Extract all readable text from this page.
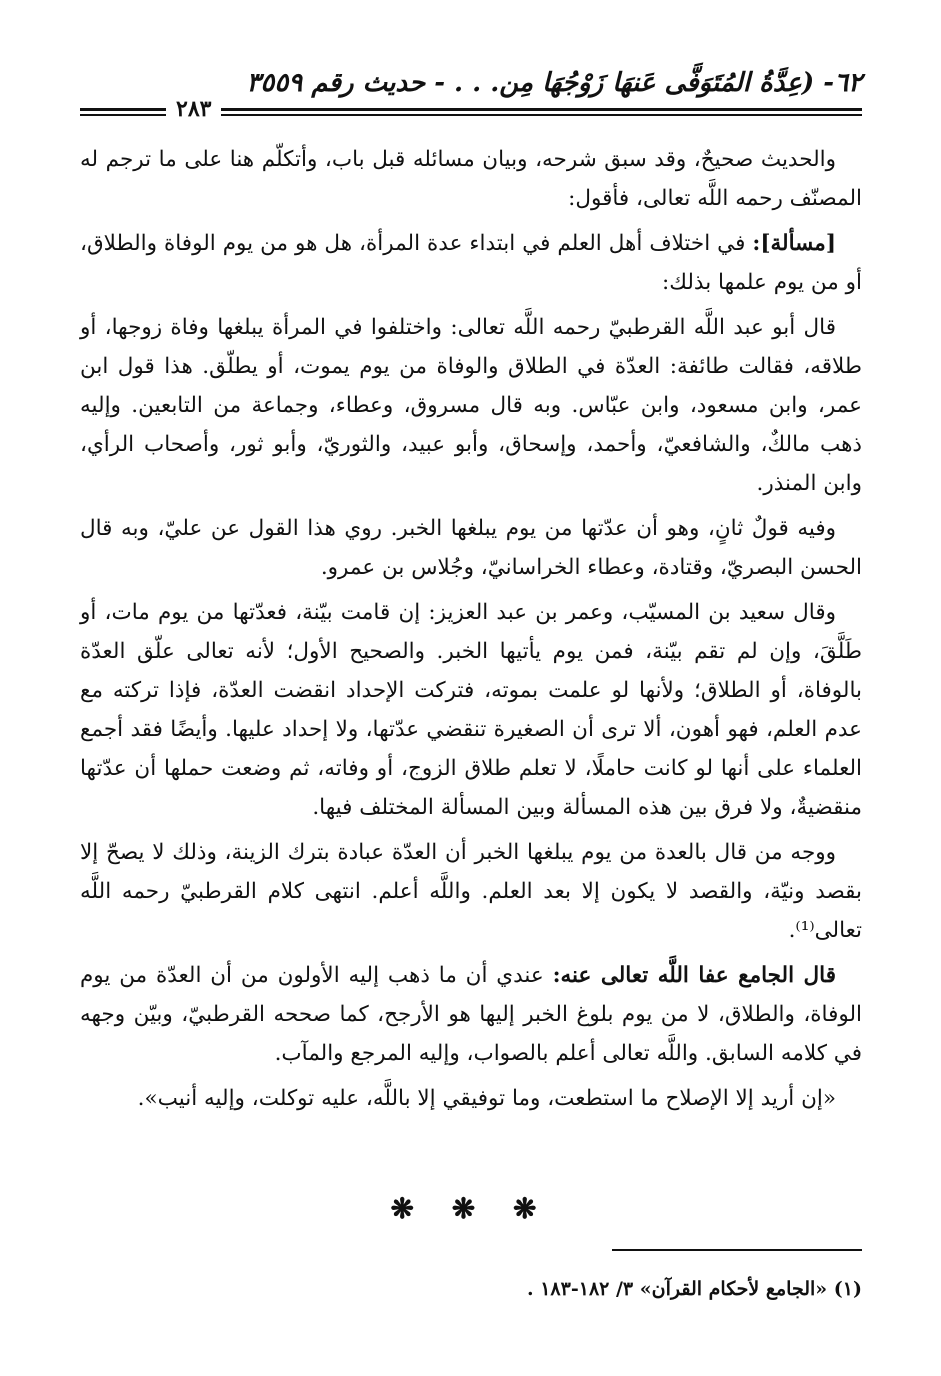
٦٢- (عِدَّةُ المُتَوَفَّى عَنهَا زَوْجُهَا مِن. . . - حديث رقم ٣٥٥٩
٢٨٣

والحديث صحيحٌ، وقد سبق شرحه، وبيان مسائله قبل باب، وأتكلّم هنا على ما ترجم له المصنّف رحمه اللَّه تعالى، فأقول:

[مسألة]: في اختلاف أهل العلم في ابتداء عدة المرأة، هل هو من يوم الوفاة والطلاق، أو من يوم علمها بذلك:

قال أبو عبد اللَّه القرطبيّ رحمه اللَّه تعالى: واختلفوا في المرأة يبلغها وفاة زوجها، أو طلاقه، فقالت طائفة: العدّة في الطلاق والوفاة من يوم يموت، أو يطلّق. هذا قول ابن عمر، وابن مسعود، وابن عبّاس. وبه قال مسروق، وعطاء، وجماعة من التابعين. وإليه ذهب مالكٌ، والشافعيّ، وأحمد، وإسحاق، وأبو عبيد، والثوريّ، وأبو ثور، وأصحاب الرأي، وابن المنذر.

وفيه قولٌ ثانٍ، وهو أن عدّتها من يوم يبلغها الخبر. روي هذا القول عن عليّ، وبه قال الحسن البصريّ، وقتادة، وعطاء الخراسانيّ، وجُلاس بن عمرو.

وقال سعيد بن المسيّب، وعمر بن عبد العزيز: إن قامت بيّنة، فعدّتها من يوم مات، أو طَلَّقَ، وإن لم تقم بيّنة، فمن يوم يأتيها الخبر. والصحيح الأول؛ لأنه تعالى علّق العدّة بالوفاة، أو الطلاق؛ ولأنها لو علمت بموته، فتركت الإحداد انقضت العدّة، فإذا تركته مع عدم العلم، فهو أهون، ألا ترى أن الصغيرة تنقضي عدّتها، ولا إحداد عليها. وأيضًا فقد أجمع العلماء على أنها لو كانت حاملًا، لا تعلم طلاق الزوج، أو وفاته، ثم وضعت حملها أن عدّتها منقضيةٌ، ولا فرق بين هذه المسألة وبين المسألة المختلف فيها.

ووجه من قال بالعدة من يوم يبلغها الخبر أن العدّة عبادة بترك الزينة، وذلك لا يصحّ إلا بقصد ونيّة، والقصد لا يكون إلا بعد العلم. واللَّه أعلم. انتهى كلام القرطبيّ رحمه اللَّه تعالى⁽¹⁾.

قال الجامع عفا اللَّه تعالى عنه: عندي أن ما ذهب إليه الأولون من أن العدّة من يوم الوفاة، والطلاق، لا من يوم بلوغ الخبر إليها هو الأرجح، كما صححه القرطبيّ، وبيّن وجهه في كلامه السابق. واللَّه تعالى أعلم بالصواب، وإليه المرجع والمآب.

«إن أريد إلا الإصلاح ما استطعت، وما توفيقي إلا باللَّه، عليه توكلت، وإليه أنيب».

❋ ❋ ❋
(١) «الجامع لأحكام القرآن» ٣/ ١٨٢-١٨٣ .
